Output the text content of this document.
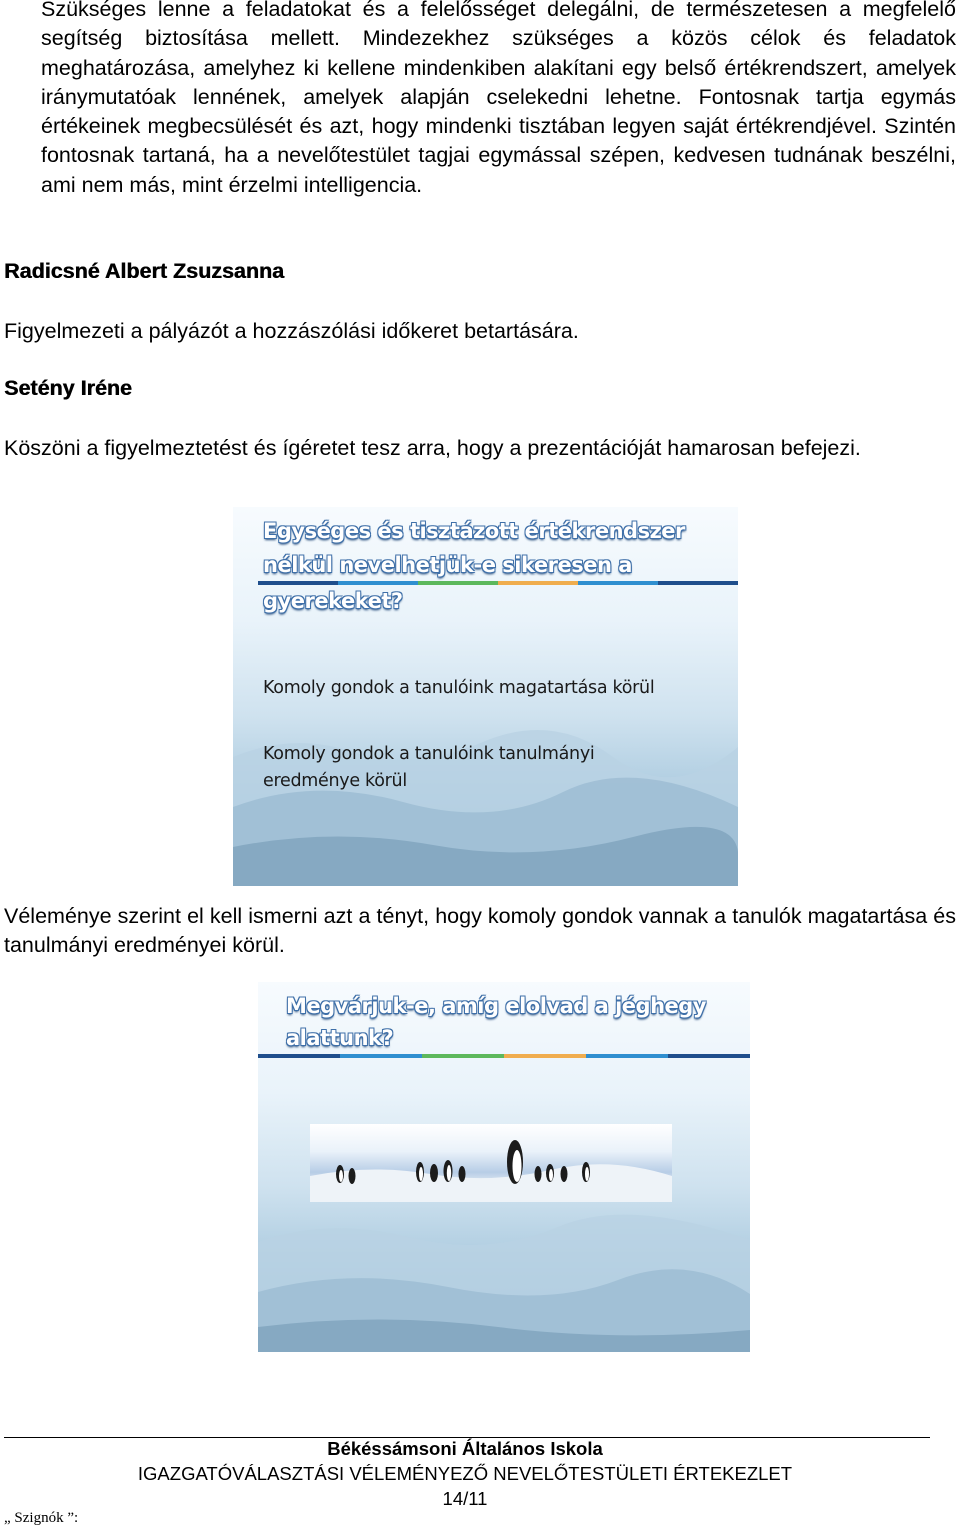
Szükséges lenne a feladatokat és a felelősséget delegálni, de természetesen a megfelelő segítség biztosítása mellett. Mindezekhez szükséges a közös célok és feladatok meghatározása, amelyhez ki kellene mindenkiben alakítani egy belső értékrendszert, amelyek iránymutatóak lennének, amelyek alapján cselekedni lehetne. Fontosnak tartja egymás értékeinek megbecsülését és azt, hogy mindenki tisztában legyen saját értékrendjével. Szintén fontosnak tartaná, ha a nevelőtestület tagjai egymással szépen, kedvesen tudnának beszélni, ami nem más, mint érzelmi intelligencia.

Radicsné Albert Zsuzsanna

Figyelmezeti a pályázót a hozzászólási időkeret betartására.

Setény Iréne

Köszöni a figyelmeztetést és ígéretet tesz arra, hogy a prezentációját hamarosan befejezi.

Egységes és tisztázott értékrendszer

nélkül nevelhetjük-e sikeresen a

gyerekeket?

Komoly gondok a tanulóink magatartása körül

Komoly gondok a tanulóink tanulmányi

eredménye körül

Véleménye szerint el kell ismerni azt a tényt, hogy komoly gondok vannak a tanulók magatartása és tanulmányi eredményei körül.

Megvárjuk-e, amíg elolvad a jéghegy

alattunk?

Békéssámsoni Általános Iskola

IGAZGATÓVÁLASZTÁSI VÉLEMÉNYEZŐ NEVELŐTESTÜLETI ÉRTEKEZLET

14/11

„ Szignók ”:
